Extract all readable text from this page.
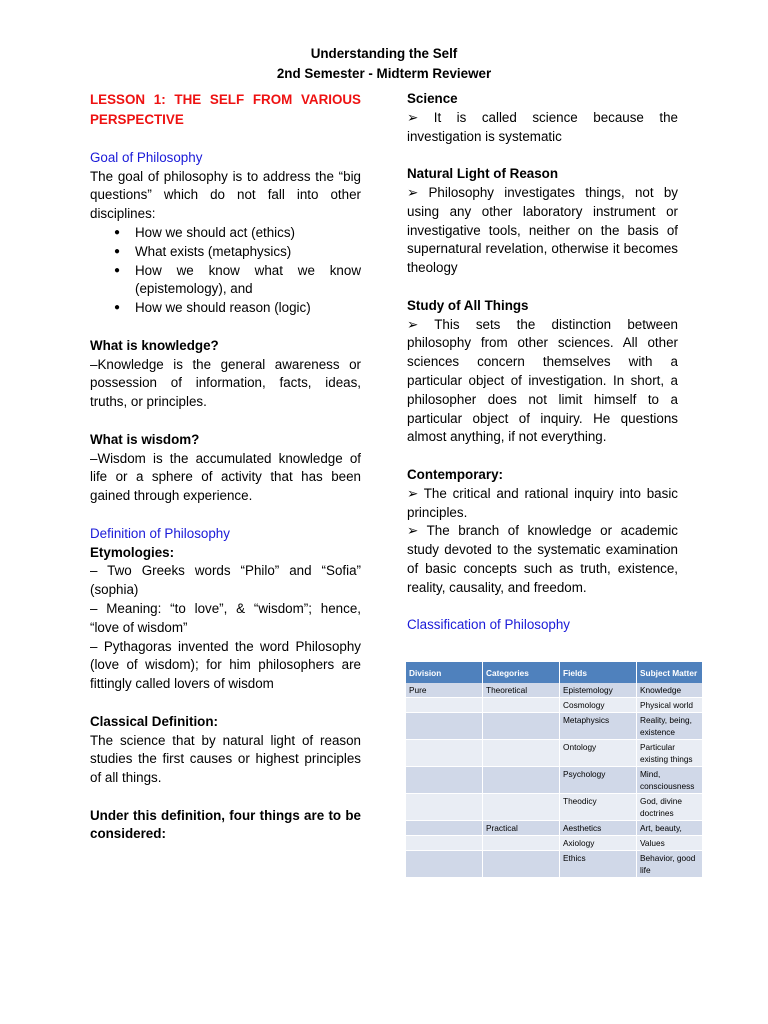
Understanding the Self
2nd Semester - Midterm Reviewer

LESSON 1: THE SELF FROM VARIOUS PERSPECTIVE

Goal of Philosophy

The goal of philosophy is to address the “big questions” which do not fall into other disciplines:

● How we should act (ethics)
● What exists (metaphysics)
● How we know what we know (epistemology), and
● How we should reason (logic)

What is knowledge?

–Knowledge is the general awareness or possession of information, facts, ideas, truths, or principles.

What is wisdom?

–Wisdom is the accumulated knowledge of life or a sphere of activity that has been gained through experience.

Definition of Philosophy

Etymologies:

– Two Greeks words “Philo” and “Sofia” (sophia)

– Meaning: “to love”, & “wisdom”; hence, “love of wisdom”

– Pythagoras invented the word Philosophy (love of wisdom); for him philosophers are fittingly called lovers of wisdom

Classical Definition:

The science that by natural light of reason studies the first causes or highest principles of all things.

Under this definition, four things are to be considered:

Science

➢ It is called science because the investigation is systematic

Natural Light of Reason

➢ Philosophy investigates things, not by using any other laboratory instrument or investigative tools, neither on the basis of supernatural revelation, otherwise it becomes theology

Study of All Things

➢ This sets the distinction between philosophy from other sciences. All other sciences concern themselves with a particular object of investigation. In short, a philosopher does not limit himself to a particular object of inquiry. He questions almost anything, if not everything.

Contemporary:

➢ The critical and rational inquiry into basic principles.

➢ The branch of knowledge or academic study devoted to the systematic examination of basic concepts such as truth, existence, reality, causality, and freedom.

Classification of Philosophy

Division	Categories	Fields	Subject Matter
Pure	Theoretical	Epistemology	Knowledge
		Cosmology	Physical world
		Metaphysics	Reality, being, existence
		Ontology	Particular existing things
		Psychology	Mind, consciousness
		Theodicy	God, divine doctrines
	Practical	Aesthetics	Art, beauty,
		Axiology	Values
		Ethics	Behavior, good life
